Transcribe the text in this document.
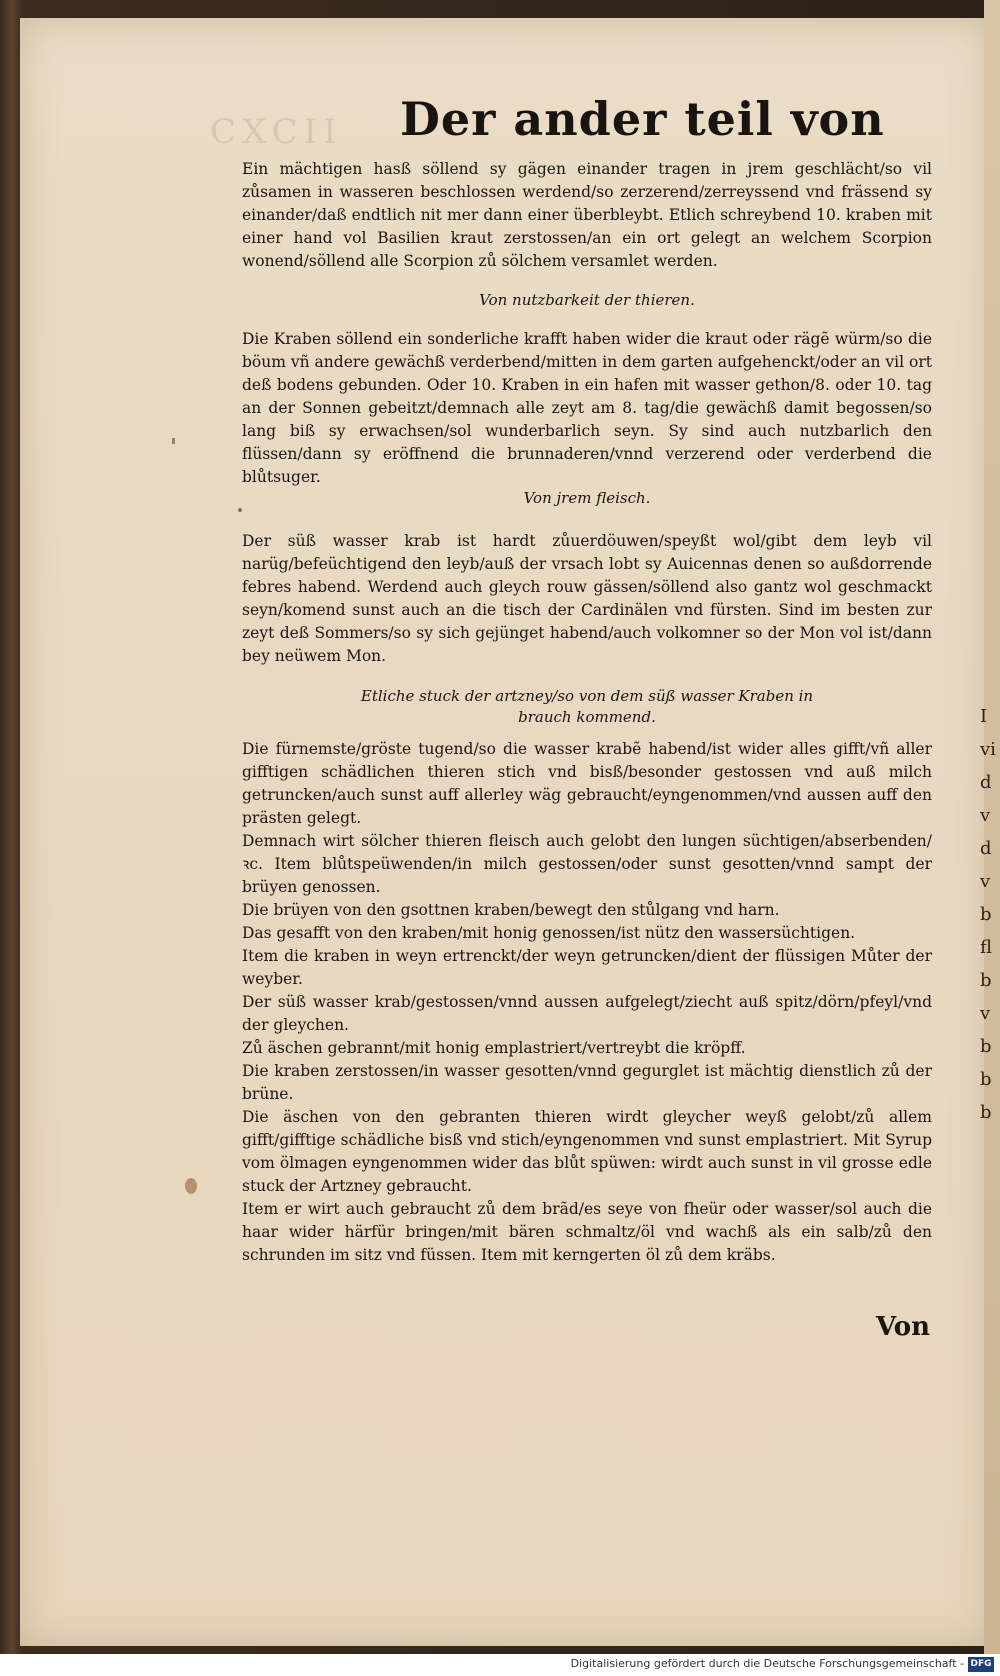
I
vi
d
v
d
v
b
fl
b
v
b
b
b
CXCII Der ander teil von
Ein mächtigen hasß söllend sy gägen einander tragen in jrem geschlächt/so vil zůsamen in wasseren beschlossen werdend/so zerzerend/zerreyssend vnd frässend sy einander/daß endtlich nit mer dann einer überbleybt. Etlich schreybend 10. kraben mit einer hand vol Basilien kraut zerstossen/an ein ort gelegt an welchem Scorpion wonend/söllend alle Scorpion zů sölchem versamlet werden.
Von nutzbarkeit der thieren.
Die Kraben söllend ein sonderliche krafft haben wider die kraut oder rägẽ würm/so die böum vñ andere gewächß verderbend/mitten in dem garten aufgehenckt/oder an vil ort deß bodens gebunden. Oder 10. Kraben in ein hafen mit wasser gethon/8. oder 10. tag an der Sonnen gebeitzt/demnach alle zeyt am 8. tag/die gewächß damit begossen/so lang biß sy erwachsen/sol wunderbarlich seyn. Sy sind auch nutzbarlich den flüssen/dann sy eröffnend die brunnaderen/vnnd verzerend oder verderbend die blůtsuger.
Von jrem fleisch.
Der süß wasser krab ist hardt zůuerdöuwen/speyßt wol/gibt dem leyb vil narüg/befeüchtigend den leyb/auß der vrsach lobt sy Auicennas denen so außdorrende febres habend. Werdend auch gleych rouw gässen/söllend also gantz wol geschmackt seyn/komend sunst auch an die tisch der Cardinälen vnd fürsten. Sind im besten zur zeyt deß Sommers/so sy sich gejünget habend/auch volkomner so der Mon vol ist/dann bey neüwem Mon.
Etliche stuck der artzney/so von dem süß wasser Kraben in brauch kommend.

Die fürnemste/gröste tugend/so die wasser krabẽ habend/ist wider alles gifft/vñ aller gifftigen schädlichen thieren stich vnd bisß/besonder gestossen vnd auß milch getruncken/auch sunst auff allerley wäg gebraucht/eyngenommen/vnd aussen auff den prästen gelegt.

Demnach wirt sölcher thieren fleisch auch gelobt den lungen süchtigen/abserbenden/ꝛc. Item blůtspeüwenden/in milch gestossen/oder sunst gesotten/vnnd sampt der brüyen genossen.

Die brüyen von den gsottnen kraben/bewegt den stůlgang vnd harn.

Das gesafft von den kraben/mit honig genossen/ist nütz den wassersüchtigen.

Item die kraben in weyn ertrenckt/der weyn getruncken/dient der flüssigen Můter der weyber.

Der süß wasser krab/gestossen/vnnd aussen aufgelegt/ziecht auß spitz/dörn/pfeyl/vnd der gleychen.

Zů äschen gebrannt/mit honig emplastriert/vertreybt die kröpff.

Die kraben zerstossen/in wasser gesotten/vnnd gegurglet ist mächtig dienstlich zů der brüne.

Die äschen von den gebranten thieren wirdt gleycher weyß gelobt/zů allem gifft/gifftige schädliche bisß vnd stich/eyngenommen vnd sunst emplastriert. Mit Syrup vom ölmagen eyngenommen wider das blůt spüwen: wirdt auch sunst in vil grosse edle stuck der Artzney gebraucht.

Item er wirt auch gebraucht zů dem brãd/es seye von fheür oder wasser/sol auch die haar wider härfür bringen/mit bären schmaltz/öl vnd wachß als ein salb/zů den schrunden im sitz vnd füssen. Item mit kerngerten öl zů dem kräbs.

Von
Digitalisierung gefördert durch die Deutsche Forschungsgemeinschaft - DFG
